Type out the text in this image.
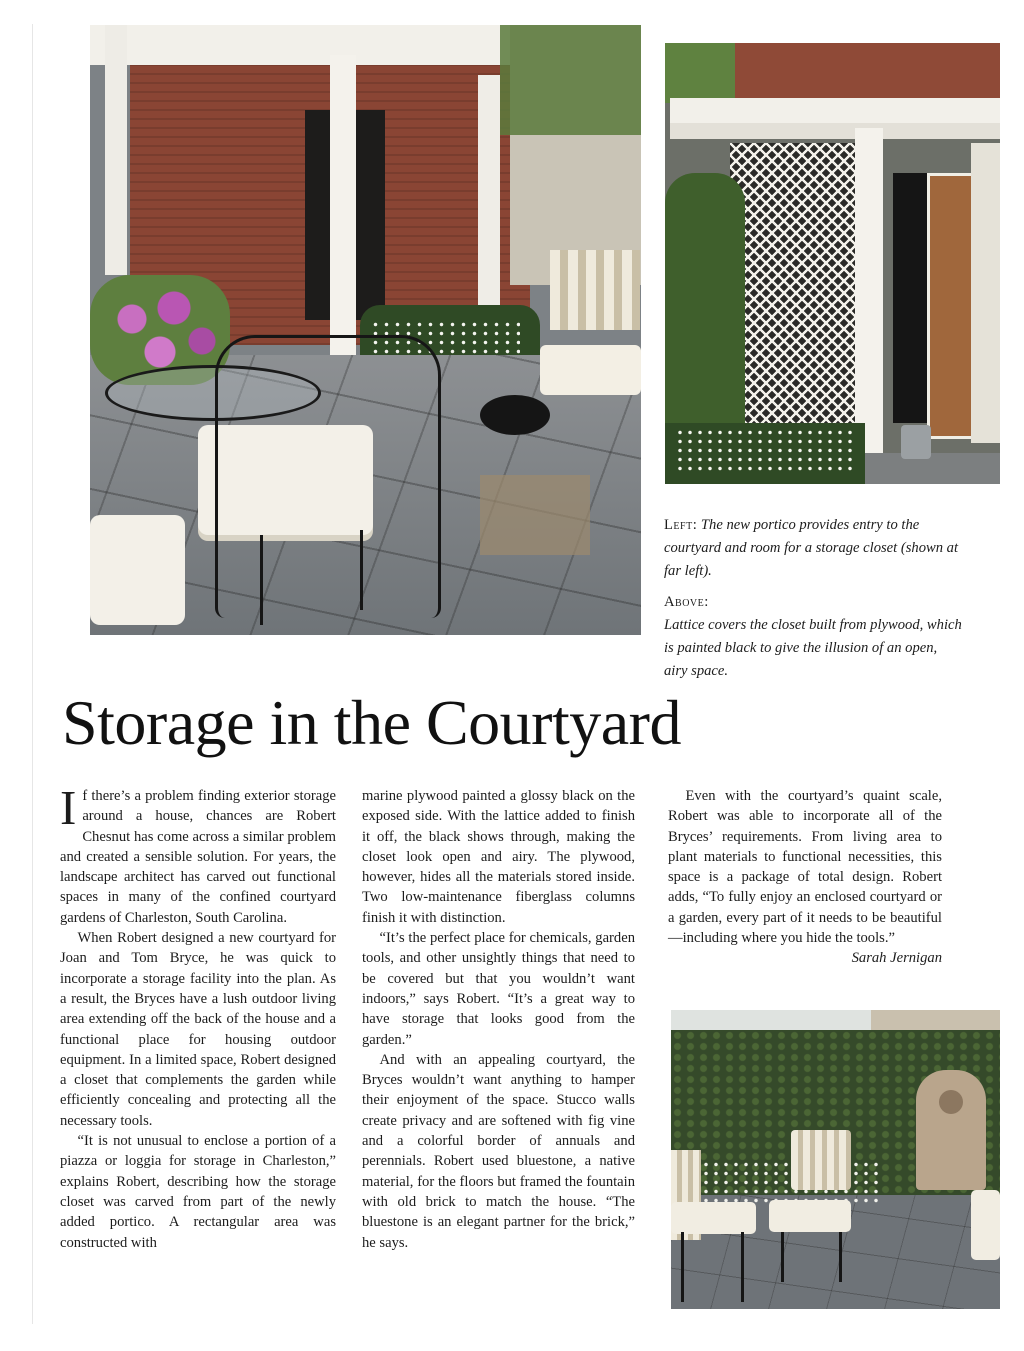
Left: The new portico provides entry to the courtyard and room for a storage closet (shown at far left).

Above:

Lattice covers the closet built from plywood, which is painted black to give the illusion of an open, airy space.

Storage in the Courtyard

If there’s a problem finding exterior storage around a house, chances are Robert Chesnut has come across a similar problem and created a sensible solution. For years, the landscape architect has carved out functional spaces in many of the confined courtyard gardens of Charleston, South Carolina.

When Robert designed a new courtyard for Joan and Tom Bryce, he was quick to incorporate a storage facility into the plan. As a result, the Bryces have a lush outdoor living area extending off the back of the house and a functional place for housing outdoor equipment. In a limited space, Robert designed a closet that complements the garden while efficiently concealing and protecting all the necessary tools.

“It is not unusual to enclose a portion of a piazza or loggia for storage in Charleston,” explains Robert, describing how the storage closet was carved from part of the newly added portico. A rectangular area was constructed with

marine plywood painted a glossy black on the exposed side. With the lattice added to finish it off, the black shows through, making the closet look open and airy. The plywood, however, hides all the materials stored inside. Two low-maintenance fiberglass columns finish it with distinction.

“It’s the perfect place for chemicals, garden tools, and other unsightly things that need to be covered but that you wouldn’t want indoors,” says Robert. “It’s a great way to have storage that looks good from the garden.”

And with an appealing courtyard, the Bryces wouldn’t want anything to hamper their enjoyment of the space. Stucco walls create privacy and are softened with fig vine and a colorful border of annuals and perennials. Robert used bluestone, a native material, for the floors but framed the fountain with old brick to match the house. “The bluestone is an elegant partner for the brick,” he says.

Even with the courtyard’s quaint scale, Robert was able to incorporate all of the Bryces’ requirements. From living area to plant materials to functional necessities, this space is a package of total design. Robert adds, “To fully enjoy an enclosed courtyard or a garden, every part of it needs to be beautiful—including where you hide the tools.”

Sarah Jernigan
